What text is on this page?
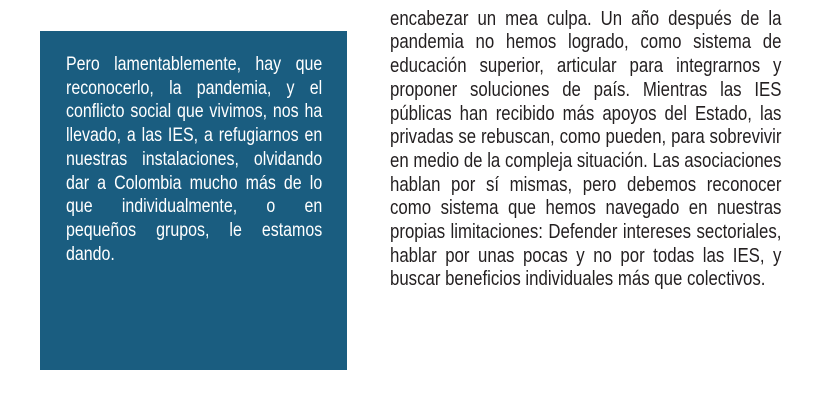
Pero lamentablemente, hay que reconocerlo, la pandemia, y el conflicto social que vivimos, nos ha llevado, a las IES, a refugiarnos en nuestras instalaciones, olvidando dar a Colombia mucho más de lo que individualmente, o en pequeños grupos, le estamos dando.

encabezar un mea culpa. Un año después de la pandemia no hemos logrado, como sistema de educación superior, articular para integrarnos y proponer soluciones de país. Mientras las IES públicas han recibido más apoyos del Estado, las privadas se rebuscan, como pueden, para sobrevivir en medio de la compleja situación. Las asociaciones hablan por sí mismas, pero debemos reconocer como sistema que hemos navegado en nuestras propias limitaciones: Defender intereses sectoriales, hablar por unas pocas y no por todas las IES, y buscar beneficios individuales más que colectivos.
